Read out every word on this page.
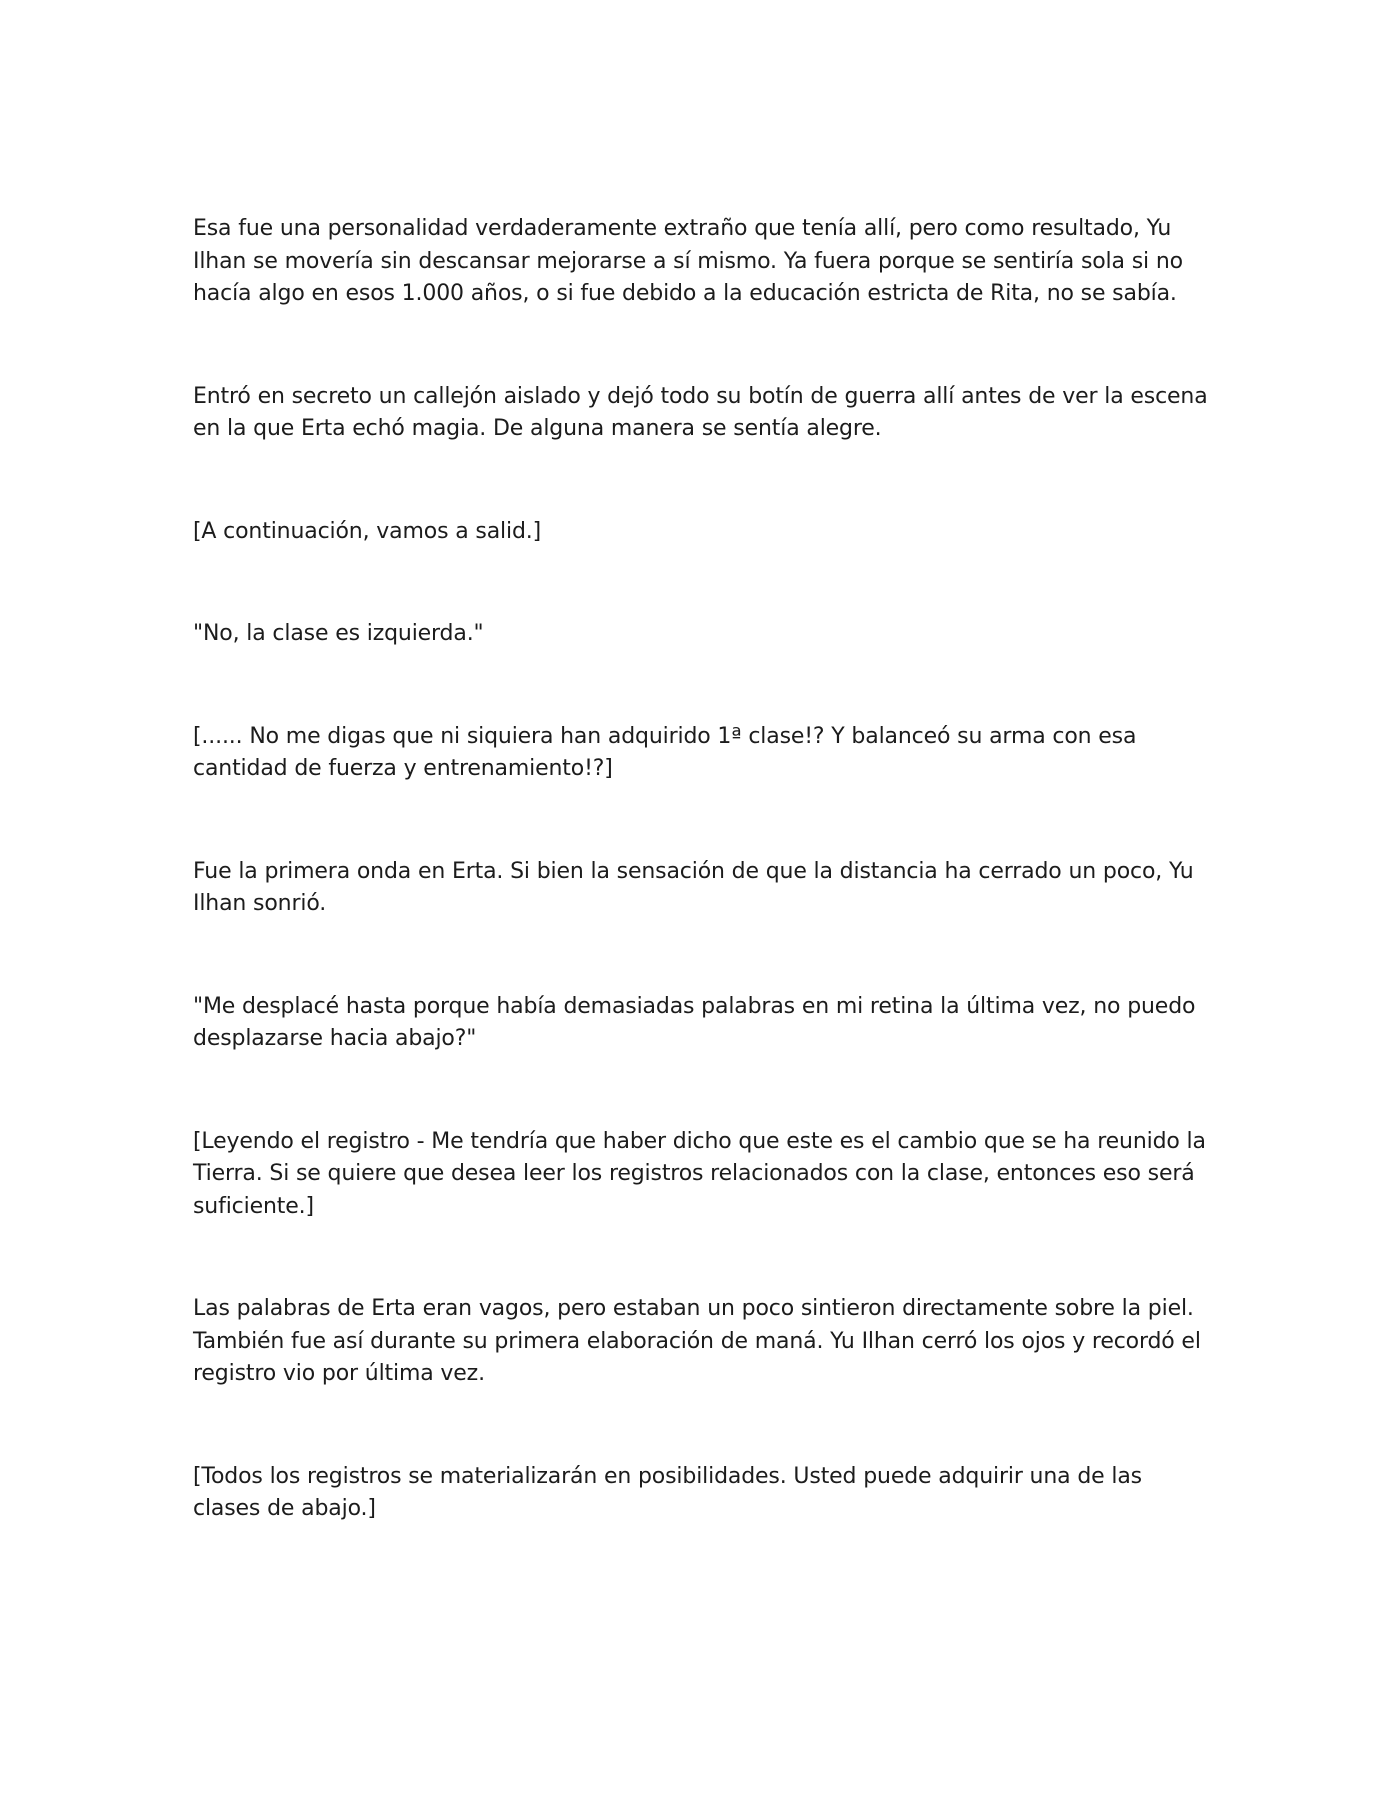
Esa fue una personalidad verdaderamente extraño que tenía allí, pero como resultado, Yu Ilhan se movería sin descansar mejorarse a sí mismo. Ya fuera porque se sentiría sola si no hacía algo en esos 1.000 años, o si fue debido a la educación estricta de Rita, no se sabía.

Entró en secreto un callejón aislado y dejó todo su botín de guerra allí antes de ver la escena en la que Erta echó magia. De alguna manera se sentía alegre.

[A continuación, vamos a salid.]

"No, la clase es izquierda."

[...... No me digas que ni siquiera han adquirido 1ª clase!? Y balanceó su arma con esa cantidad de fuerza y entrenamiento!?]

Fue la primera onda en Erta. Si bien la sensación de que la distancia ha cerrado un poco, Yu Ilhan sonrió.

"Me desplacé hasta porque había demasiadas palabras en mi retina la última vez, no puedo desplazarse hacia abajo?"

[Leyendo el registro - Me tendría que haber dicho que este es el cambio que se ha reunido la Tierra. Si se quiere que desea leer los registros relacionados con la clase, entonces eso será suficiente.]

Las palabras de Erta eran vagos, pero estaban un poco sintieron directamente sobre la piel. También fue así durante su primera elaboración de maná. Yu Ilhan cerró los ojos y recordó el registro vio por última vez.

[Todos los registros se materializarán en posibilidades. Usted puede adquirir una de las clases de abajo.]
